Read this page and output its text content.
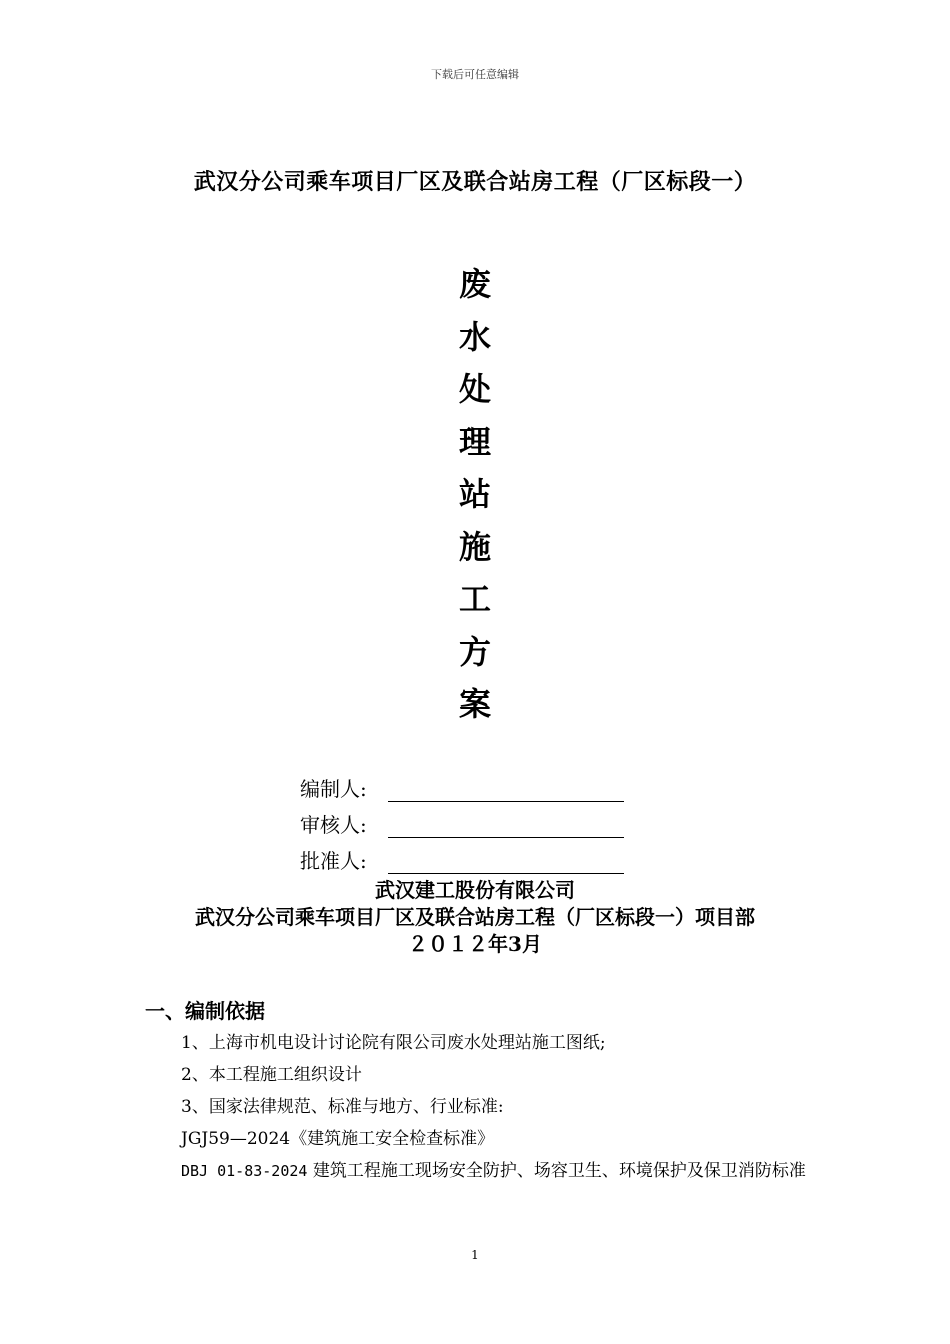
下载后可任意编辑
武汉分公司乘车项目厂区及联合站房工程（厂区标段一）
废
水
处
理
站
施
工
方
案
编制人:
审核人:
批准人:
武汉建工股份有限公司
武汉分公司乘车项目厂区及联合站房工程（厂区标段一）项目部
２０１２年3月
一、编制依据
1、上海市机电设计讨论院有限公司废水处理站施工图纸;
2、本工程施工组织设计
3、国家法律规范、标准与地方、行业标准:
JGJ59—2024《建筑施工安全检查标准》
DBJ 01-83-2024 建筑工程施工现场安全防护、场容卫生、环境保护及保卫消防标准
1
